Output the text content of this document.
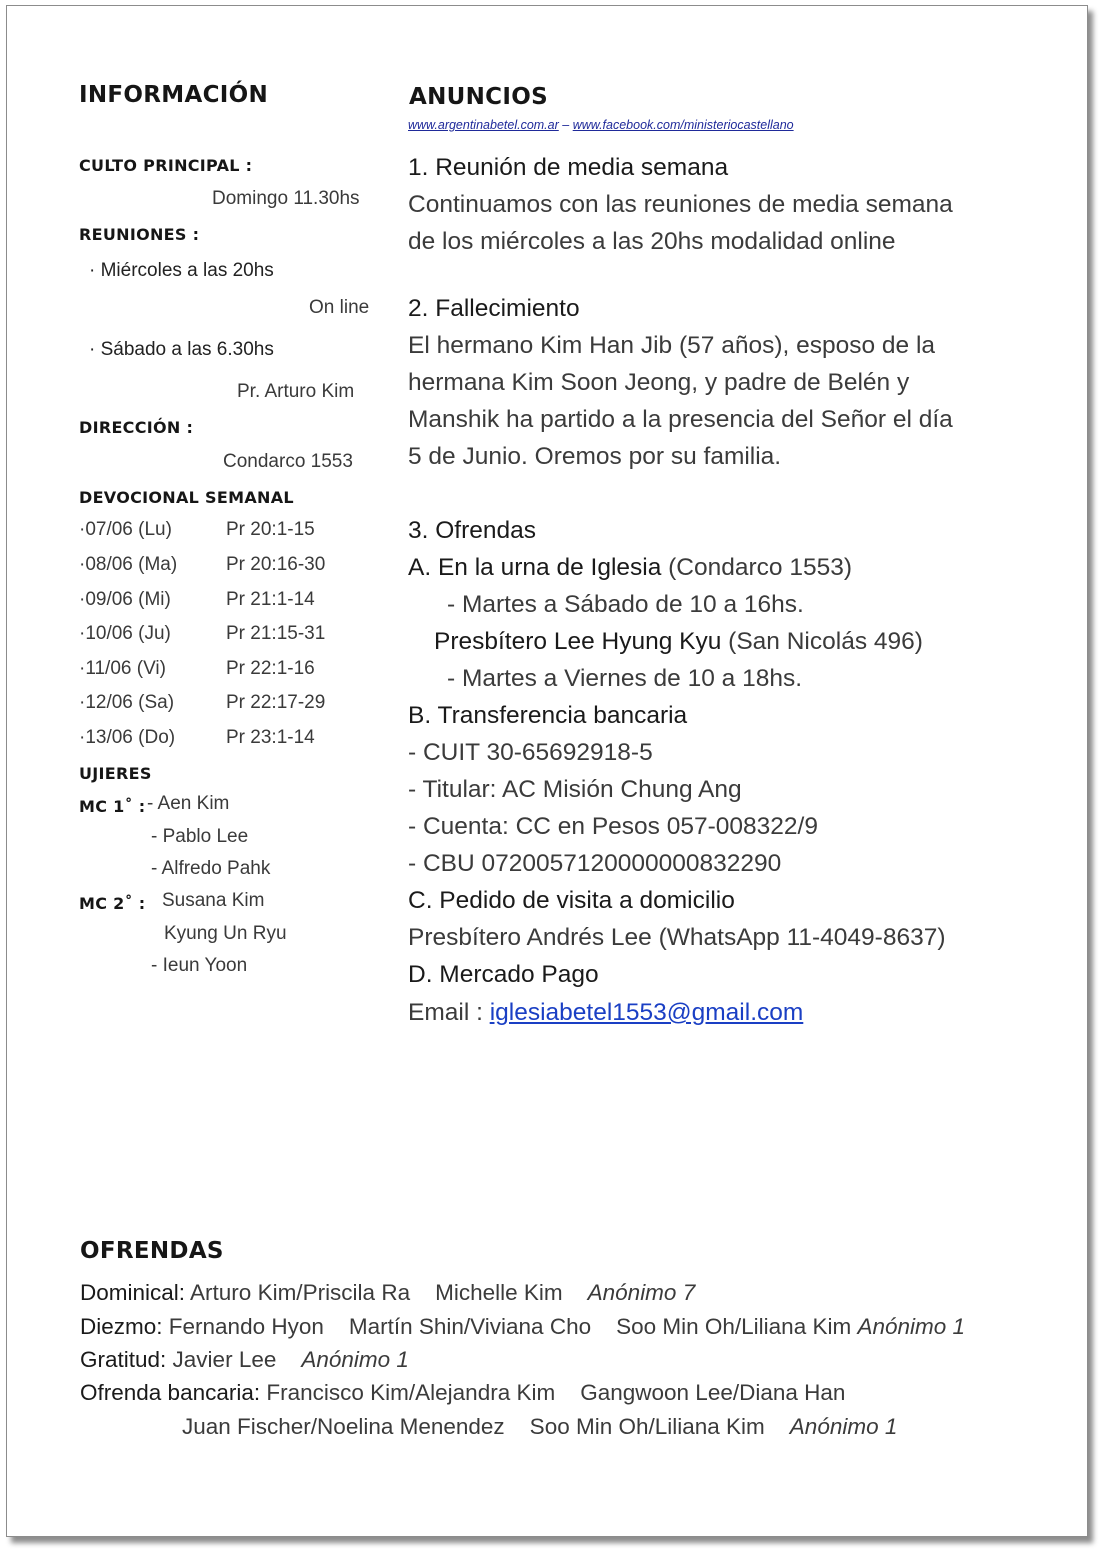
INFORMACIÓN
CULTO PRINCIPAL :
Domingo 11.30hs
REUNIONES :
· Miércoles a las 20hs
On line
· Sábado a las 6.30hs
Pr. Arturo Kim
DIRECCIÓN :
Condarco 1553
DEVOCIONAL SEMANAL
·07/06 (Lu)	Pr 20:1-15
·08/06 (Ma)	Pr 20:16-30
·09/06 (Mi)	Pr 21:1-14
·10/06 (Ju)	Pr 21:15-31
·11/06 (Vi)	Pr 22:1-16
·12/06 (Sa)	Pr 22:17-29
·13/06 (Do)	Pr 23:1-14
UJIERES
MC 1˚ : - Aen Kim
- Pablo Lee
- Alfredo Pahk
MC 2˚ : Susana Kim
Kyung Un Ryu
- Ieun Yoon
ANUNCIOS
www.argentinabetel.com.ar – www.facebook.com/ministeriocastellano
1. Reunión de media semana
Continuamos con las reuniones de media semana
de los miércoles a las 20hs modalidad online
2. Fallecimiento
El hermano Kim Han Jib (57 años), esposo de la
hermana Kim Soon Jeong, y padre de Belén y
Manshik ha partido a la presencia del Señor el día
5 de Junio. Oremos por su familia.
3. Ofrendas
A. En la urna de Iglesia (Condarco 1553)
- Martes a Sábado de 10 a 16hs.
Presbítero Lee Hyung Kyu (San Nicolás 496)
- Martes a Viernes de 10 a 18hs.
B. Transferencia bancaria
- CUIT 30-65692918-5
- Titular: AC Misión Chung Ang
- Cuenta: CC en Pesos 057-008322/9
- CBU 0720057120000000832290
C. Pedido de visita a domicilio
Presbítero Andrés Lee (WhatsApp 11-4049-8637)
D. Mercado Pago
Email : iglesiabetel1553@gmail.com
OFRENDAS
Dominical: Arturo Kim/Priscila Ra    Michelle Kim    Anónimo 7
Diezmo: Fernando Hyon    Martín Shin/Viviana Cho    Soo Min Oh/Liliana Kim Anónimo 1
Gratitud: Javier Lee    Anónimo 1
Ofrenda bancaria: Francisco Kim/Alejandra Kim    Gangwoon Lee/Diana Han
Juan Fischer/Noelina Menendez    Soo Min Oh/Liliana Kim    Anónimo 1
